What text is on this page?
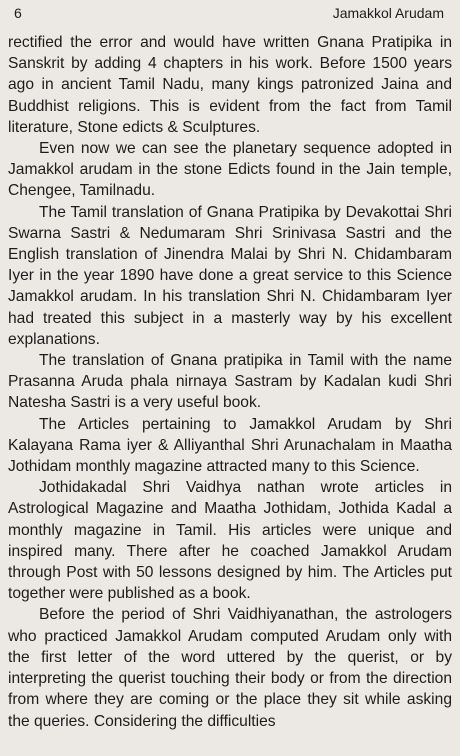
6	Jamakkol Arudam

rectified the error and would have written Gnana Pratipika in Sanskrit by adding 4 chapters in his work. Before 1500 years ago in ancient Tamil Nadu, many kings patronized Jaina and Buddhist religions. This is evident from the fact from Tamil literature, Stone edicts & Sculptures.

Even now we can see the planetary sequence adopted in Jamakkol arudam in the stone Edicts found in the Jain temple, Chengee, Tamilnadu.

The Tamil translation of Gnana Pratipika by Devakottai Shri Swarna Sastri & Nedumaram Shri Srinivasa Sastri and the English translation of Jinendra Malai by Shri N. Chidambaram Iyer in the year 1890 have done a great service to this Science Jamakkol arudam. In his translation Shri N. Chidambaram Iyer had treated this subject in a masterly way by his excellent explanations.

The translation of Gnana pratipika in Tamil with the name Prasanna Aruda phala nirnaya Sastram by Kadalan kudi Shri Natesha Sastri is a very useful book.

The Articles pertaining to Jamakkol Arudam by Shri Kalayana Rama iyer & Alliyanthal Shri Arunachalam in Maatha Jothidam monthly magazine attracted many to this Science.

Jothidakadal Shri Vaidhya nathan wrote articles in Astrological Magazine and Maatha Jothidam, Jothida Kadal a monthly magazine in Tamil. His articles were unique and inspired many. There after he coached Jamakkol Arudam through Post with 50 lessons designed by him. The Articles put together were published as a book.

Before the period of Shri Vaidhiyanathan, the astrologers who practiced Jamakkol Arudam computed Arudam only with the first letter of the word uttered by the querist, or by interpreting the querist touching their body or from the direction from where they are coming or the place they sit while asking the queries. Considering the difficulties
